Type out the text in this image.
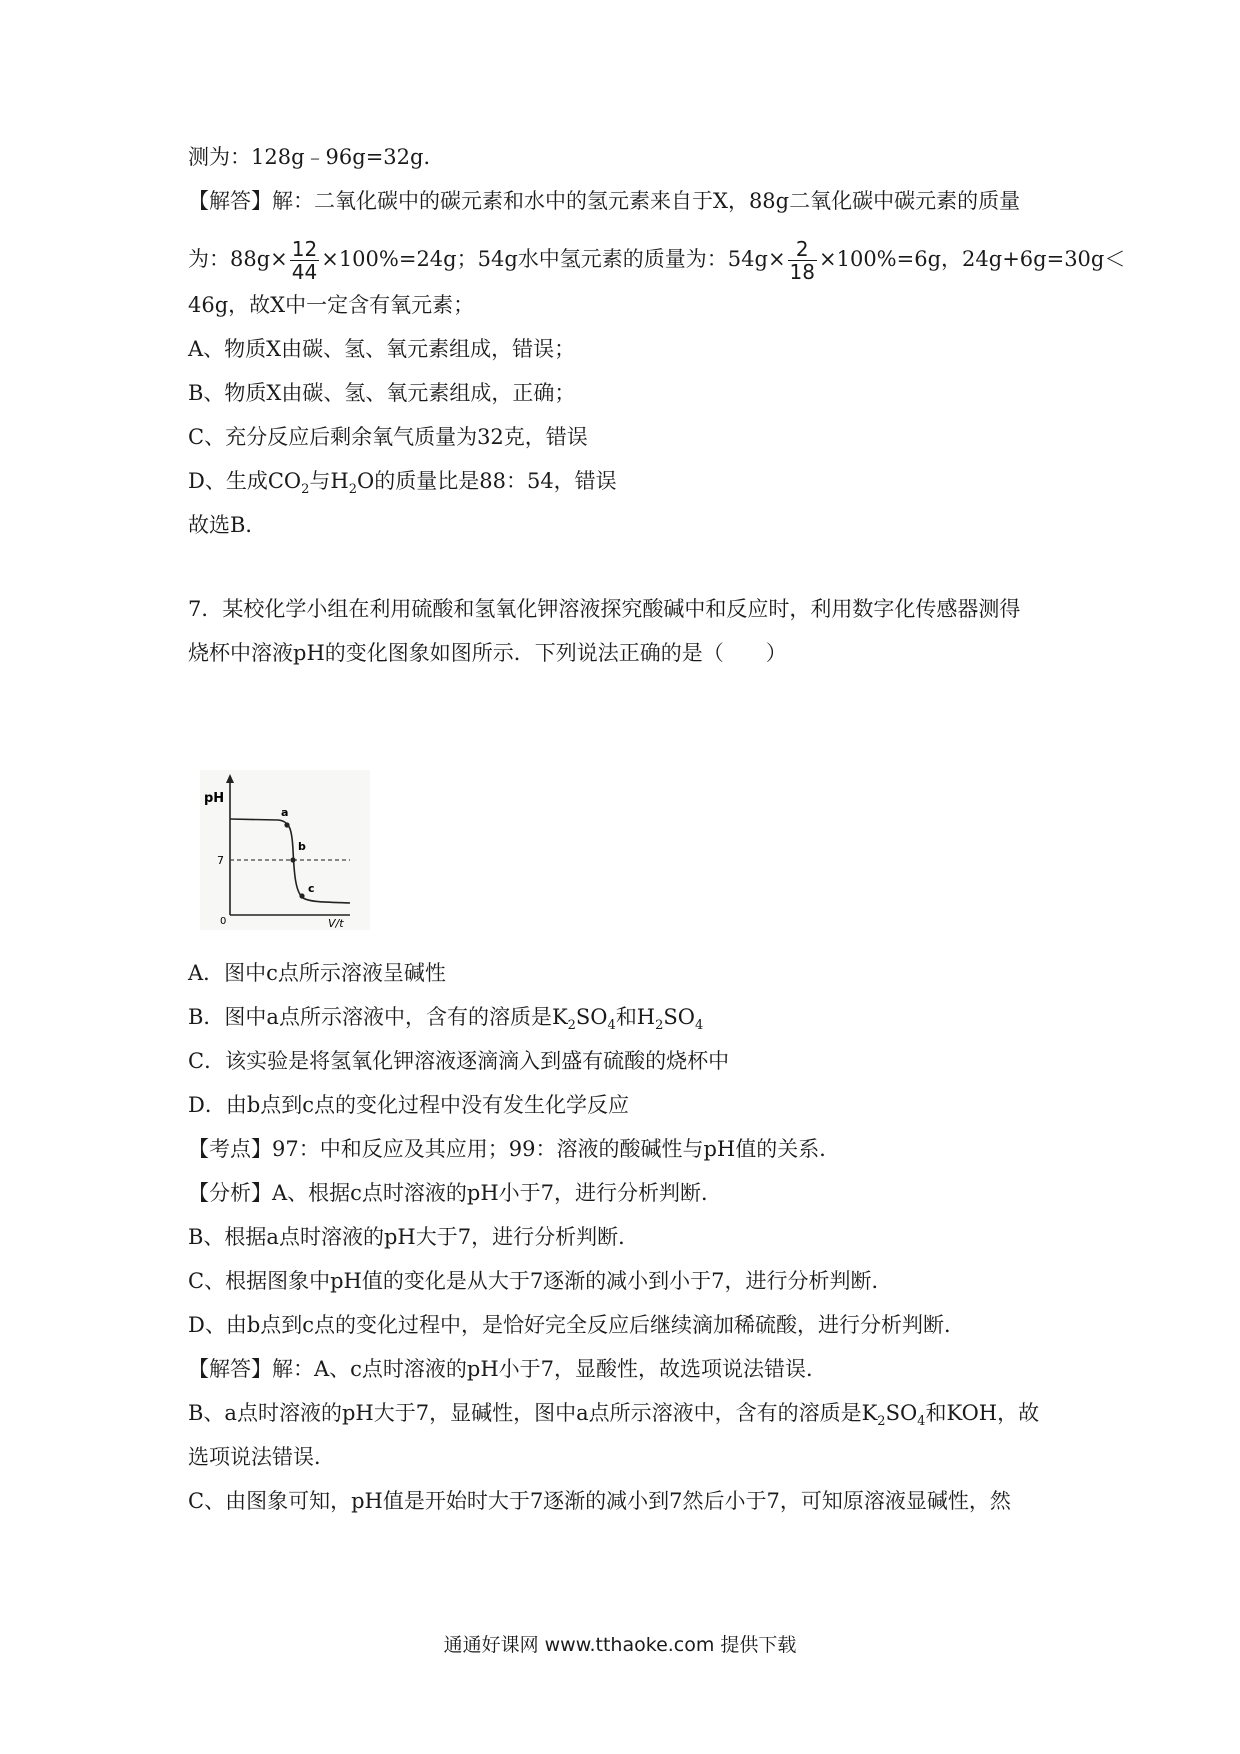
测为：128g﹣96g=32g．
【解答】解：二氧化碳中的碳元素和水中的氢元素来自于X，88g二氧化碳中碳元素的质量
为：$88g\times \frac{12}{44} \times 100\%=24g$；54g水中氢元素的质量为：$54g\times \frac{2}{18} \times 100\%=6g$，24g+6g=30g＜
46g，故X中一定含有氧元素；
A、物质X由碳、氢、氧元素组成，错误；
B、物质X由碳、氢、氧元素组成，正确；
C、充分反应后剩余氧气质量为32克，错误
D、生成$CO_2$与$H_2O$的质量比是88：54，错误
故选B．
7．某校化学小组在利用硫酸和氢氧化钾溶液探究酸碱中和反应时，利用数字化传感器测得
烧杯中溶液pH的变化图象如图所示．下列说法正确的是（　　）
pH
7
0	V/t
a
b
c
A．图中c点所示溶液呈碱性
B．图中a点所示溶液中，含有的溶质是$K_2SO_4$和$H_2SO_4$
C．该实验是将氢氧化钾溶液逐滴滴入到盛有硫酸的烧杯中
D．由b点到c点的变化过程中没有发生化学反应
【考点】97：中和反应及其应用；99：溶液的酸碱性与pH值的关系．
【分析】A、根据c点时溶液的pH小于7，进行分析判断．
B、根据a点时溶液的pH大于7，进行分析判断．
C、根据图象中pH值的变化是从大于7逐渐的减小到小于7，进行分析判断．
D、由b点到c点的变化过程中，是恰好完全反应后继续滴加稀硫酸，进行分析判断．
【解答】解：A、c点时溶液的pH小于7，显酸性，故选项说法错误．
B、a点时溶液的pH大于7，显碱性，图中a点所示溶液中，含有的溶质是$K_2SO_4$和KOH，故
选项说法错误．
C、由图象可知，pH值是开始时大于7逐渐的减小到7然后小于7，可知原溶液显碱性，然
通通好课网 www.tthaoke.com 提供下载
